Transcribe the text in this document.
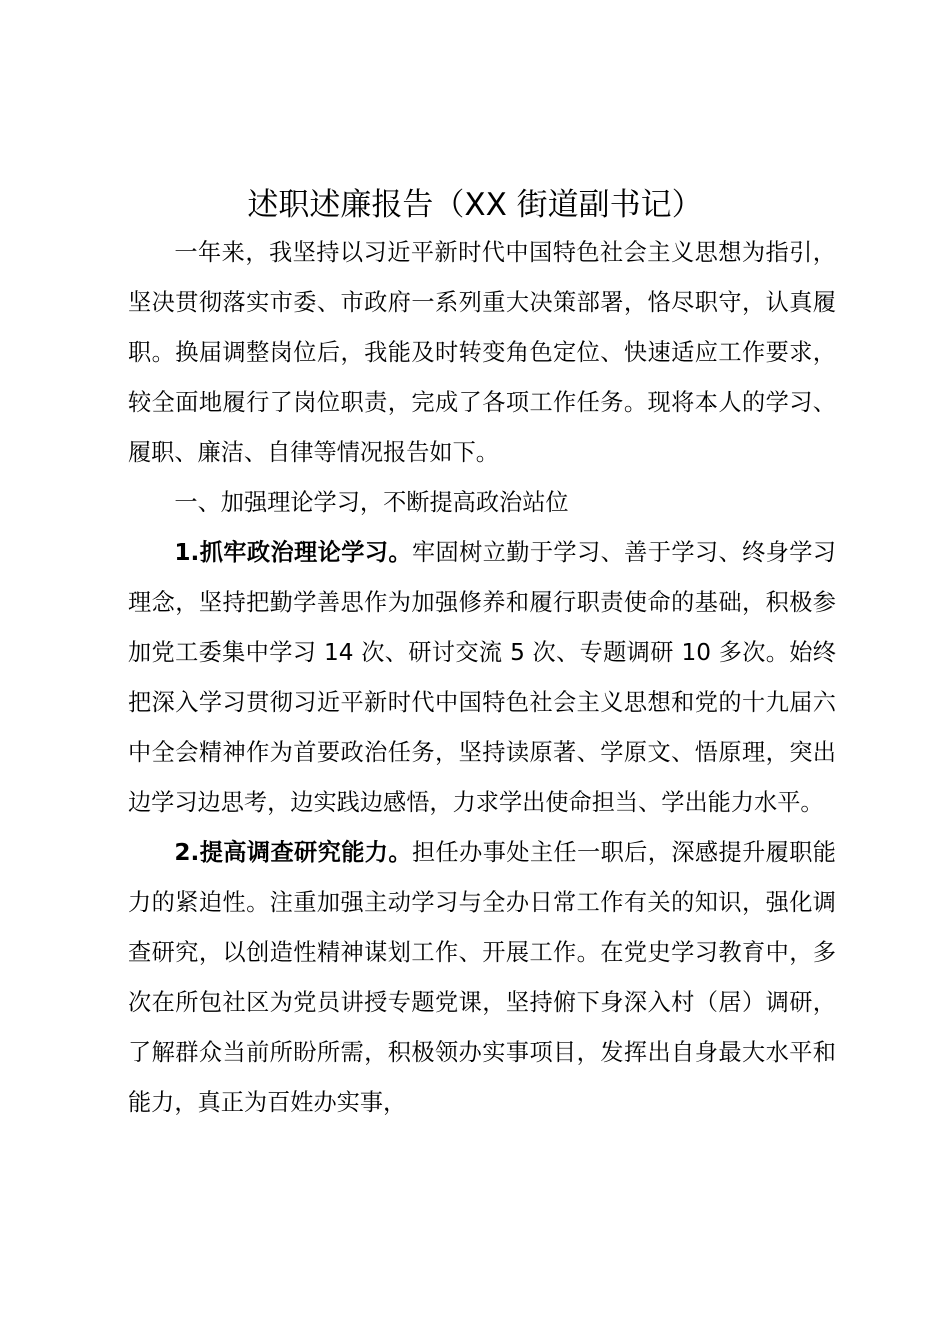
述职述廉报告（XX 街道副书记）

一年来，我坚持以习近平新时代中国特色社会主义思想为指引，坚决贯彻落实市委、市政府一系列重大决策部署，恪尽职守，认真履职。换届调整岗位后，我能及时转变角色定位、快速适应工作要求，较全面地履行了岗位职责，完成了各项工作任务。现将本人的学习、履职、廉洁、自律等情况报告如下。

一、加强理论学习，不断提高政治站位

1.抓牢政治理论学习。牢固树立勤于学习、善于学习、终身学习理念，坚持把勤学善思作为加强修养和履行职责使命的基础，积极参加党工委集中学习 14 次、研讨交流 5 次、专题调研 10 多次。始终把深入学习贯彻习近平新时代中国特色社会主义思想和党的十九届六中全会精神作为首要政治任务，坚持读原著、学原文、悟原理，突出边学习边思考，边实践边感悟，力求学出使命担当、学出能力水平。

2.提高调查研究能力。担任办事处主任一职后，深感提升履职能力的紧迫性。注重加强主动学习与全办日常工作有关的知识，强化调查研究，以创造性精神谋划工作、开展工作。在党史学习教育中，多次在所包社区为党员讲授专题党课，坚持俯下身深入村（居）调研，了解群众当前所盼所需，积极领办实事项目，发挥出自身最大水平和能力，真正为百姓办实事，
